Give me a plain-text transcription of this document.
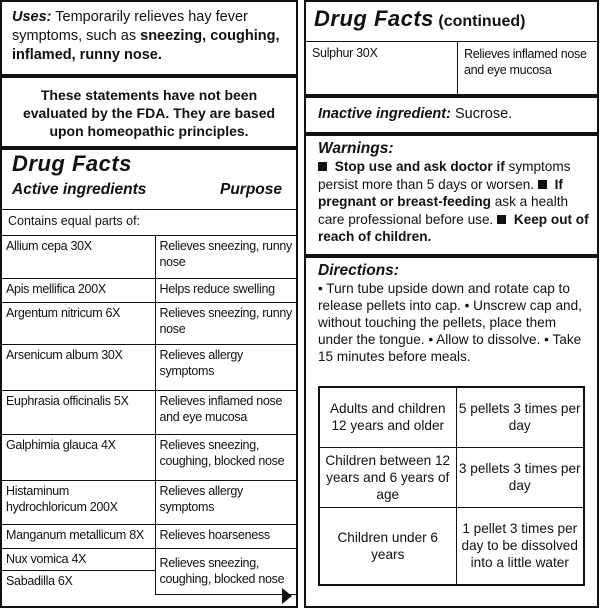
Uses: Temporarily relieves hay fever symptoms, such as sneezing, coughing, inflamed, runny nose.
These statements have not been evaluated by the FDA. They are based upon homeopathic principles.
Drug Facts
Active ingredients	Purpose
Contains equal parts of:
Allium cepa 30X	Relieves sneezing, runny nose
Apis mellifica 200X	Helps reduce swelling
Argentum nitricum 6X	Relieves sneezing, runny nose
Arsenicum album 30X	Relieves allergy symptoms
Euphrasia officinalis 5X	Relieves inflamed nose and eye mucosa
Galphimia glauca 4X	Relieves sneezing, coughing, blocked nose
Histaminum hydrochloricum 200X	Relieves allergy symptoms
Manganum metallicum 8X	Relieves hoarseness
Nux vomica 4X	Relieves sneezing, coughing, blocked nose
Sabadilla 6X	
Drug Facts (continued)
Sulphur 30X	Relieves inflamed nose and eye mucosa
Inactive ingredient: Sucrose.
Warnings:
Stop use and ask doctor if symptoms persist more than 5 days or worsen.  If pregnant or breast-feeding ask a health care professional before use.  Keep out of reach of children.
Directions:
• Turn tube upside down and rotate cap to release pellets into cap. • Unscrew cap and, without touching the pellets, place them under the tongue. • Allow to dissolve. • Take 15 minutes before meals.
Adults and children 12 years and older	5 pellets 3 times per day
Children between 12 years and 6 years of age	3 pellets 3 times per day
Children under 6 years	1 pellet 3 times per day to be dissolved into a little water
